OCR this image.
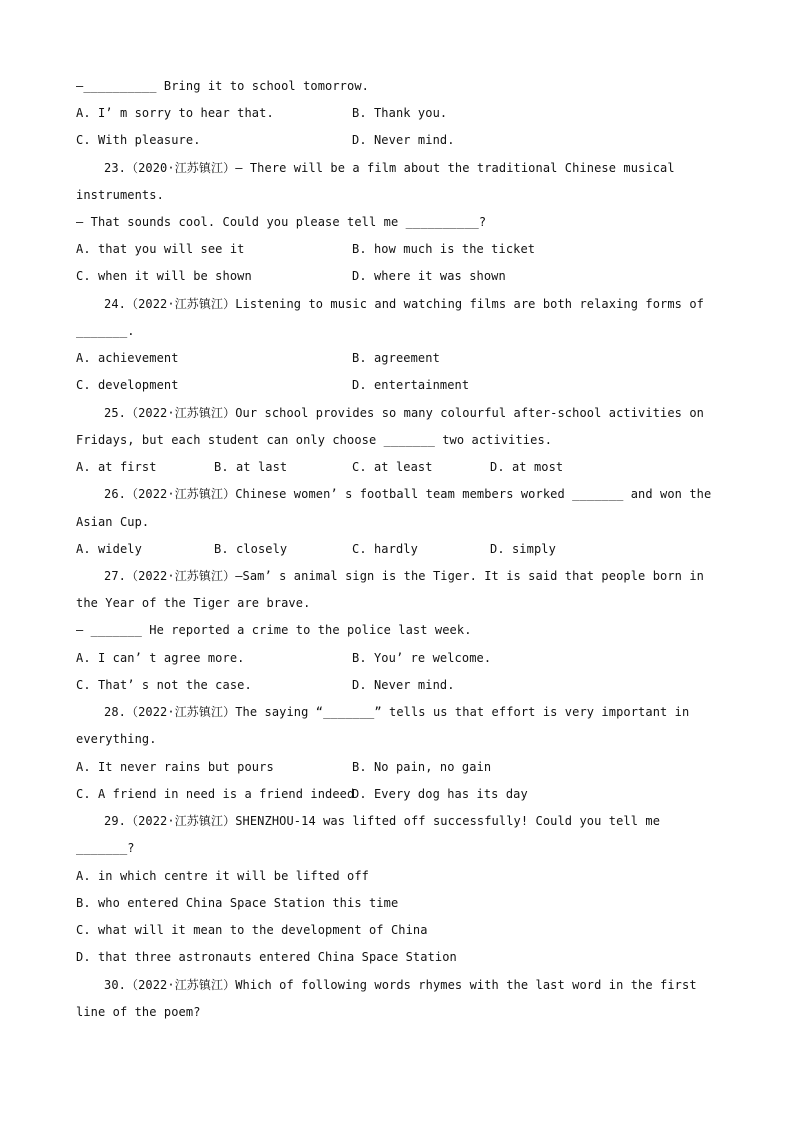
—__________ Bring it to school tomorrow.
A. I’ m sorry to hear that.	B. Thank you.
C. With pleasure.	D. Never mind.
23.（2020·江苏镇江）— There will be a film about the traditional Chinese musical
instruments.
— That sounds cool. Could you please tell me __________?
A. that you will see it	B. how much is the ticket
C. when it will be shown	D. where it was shown
24.（2022·江苏镇江）Listening to music and watching films are both relaxing forms of
_______.
A. achievement	B. agreement
C. development	D. entertainment
25.（2022·江苏镇江）Our school provides so many colourful after-school activities on
Fridays, but each student can only choose _______ two activities.
A. at first	B. at last	C. at least	D. at most
26.（2022·江苏镇江）Chinese women’ s football team members worked _______ and won the
Asian Cup.
A. widely	B. closely	C. hardly	D. simply
27.（2022·江苏镇江）—Sam’ s animal sign is the Tiger. It is said that people born in
the Year of the Tiger are brave.
— _______ He reported a crime to the police last week.
A. I can’ t agree more.	B. You’ re welcome.
C. That’ s not the case.	D. Never mind.
28.（2022·江苏镇江）The saying “_______” tells us that effort is very important in
everything.
A. It never rains but pours	B. No pain, no gain
C. A friend in need is a friend indeed
D. Every dog has its day
29.（2022·江苏镇江）SHENZHOU-14 was lifted off successfully! Could you tell me
_______?
A. in which centre it will be lifted off
B. who entered China Space Station this time
C. what will it mean to the development of China
D. that three astronauts entered China Space Station
30.（2022·江苏镇江）Which of following words rhymes with the last word in the first
line of the poem?
